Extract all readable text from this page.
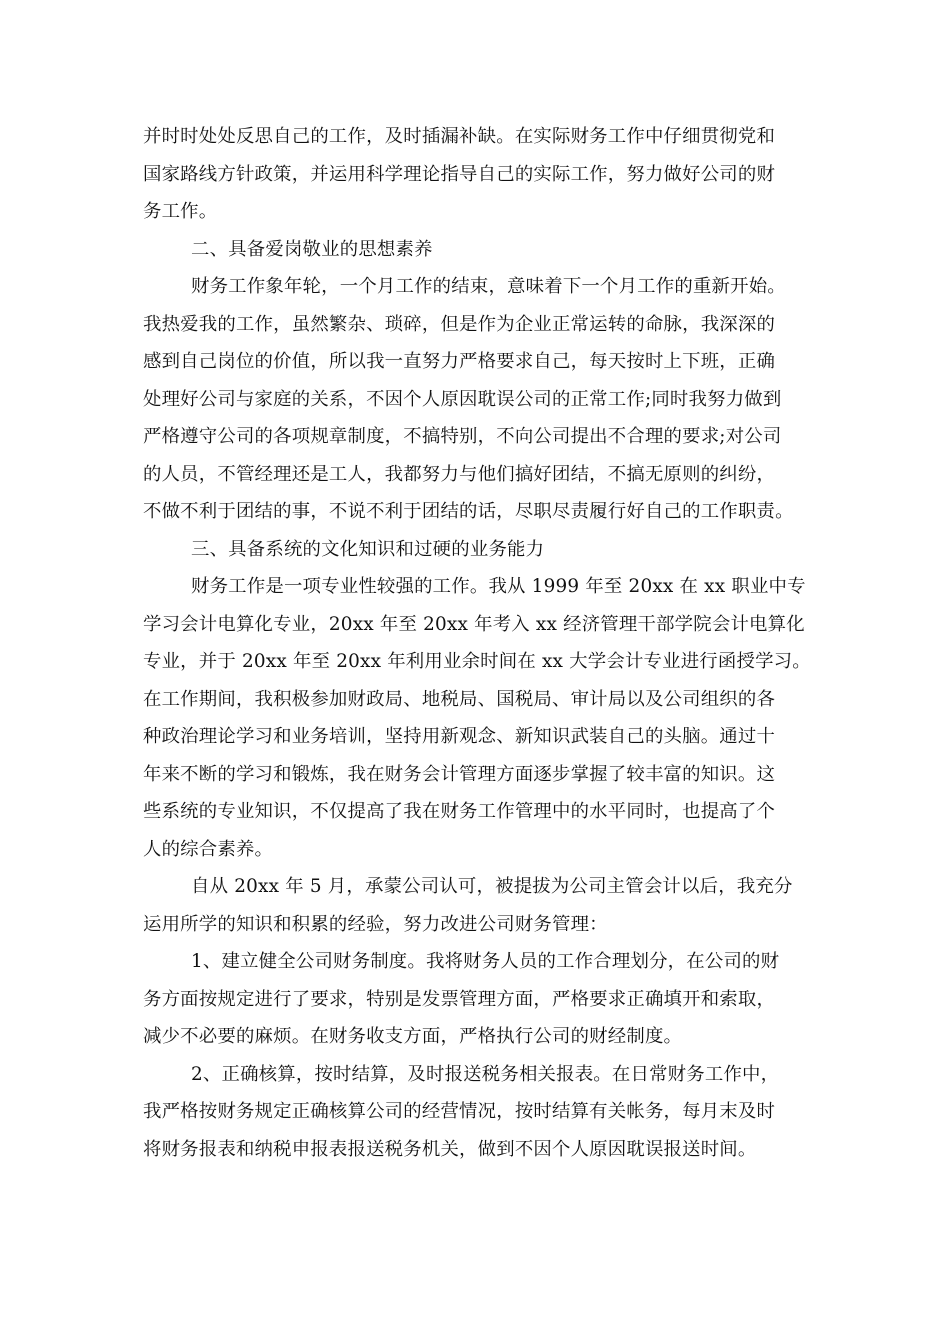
并时时处处反思自己的工作，及时插漏补缺。在实际财务工作中仔细贯彻党和
国家路线方针政策，并运用科学理论指导自己的实际工作，努力做好公司的财
务工作。
二、具备爱岗敬业的思想素养
财务工作象年轮，一个月工作的结束，意味着下一个月工作的重新开始。
我热爱我的工作，虽然繁杂、琐碎，但是作为企业正常运转的命脉，我深深的
感到自己岗位的价值，所以我一直努力严格要求自己，每天按时上下班，正确
处理好公司与家庭的关系，不因个人原因耽误公司的正常工作;同时我努力做到
严格遵守公司的各项规章制度，不搞特别，不向公司提出不合理的要求;对公司
的人员，不管经理还是工人，我都努力与他们搞好团结，不搞无原则的纠纷，
不做不利于团结的事，不说不利于团结的话，尽职尽责履行好自己的工作职责。
三、具备系统的文化知识和过硬的业务能力
财务工作是一项专业性较强的工作。我从 1999 年至 20xx 在 xx 职业中专
学习会计电算化专业，20xx 年至 20xx 年考入 xx 经济管理干部学院会计电算化
专业，并于 20xx 年至 20xx 年利用业余时间在 xx 大学会计专业进行函授学习。
在工作期间，我积极参加财政局、地税局、国税局、审计局以及公司组织的各
种政治理论学习和业务培训，坚持用新观念、新知识武装自己的头脑。通过十
年来不断的学习和锻炼，我在财务会计管理方面逐步掌握了较丰富的知识。这
些系统的专业知识，不仅提高了我在财务工作管理中的水平同时，也提高了个
人的综合素养。
自从 20xx 年 5 月，承蒙公司认可，被提拔为公司主管会计以后，我充分
运用所学的知识和积累的经验，努力改进公司财务管理：
1、建立健全公司财务制度。我将财务人员的工作合理划分，在公司的财
务方面按规定进行了要求，特别是发票管理方面，严格要求正确填开和索取，
减少不必要的麻烦。在财务收支方面，严格执行公司的财经制度。
2、正确核算，按时结算，及时报送税务相关报表。在日常财务工作中，
我严格按财务规定正确核算公司的经营情况，按时结算有关帐务，每月末及时
将财务报表和纳税申报表报送税务机关，做到不因个人原因耽误报送时间。
